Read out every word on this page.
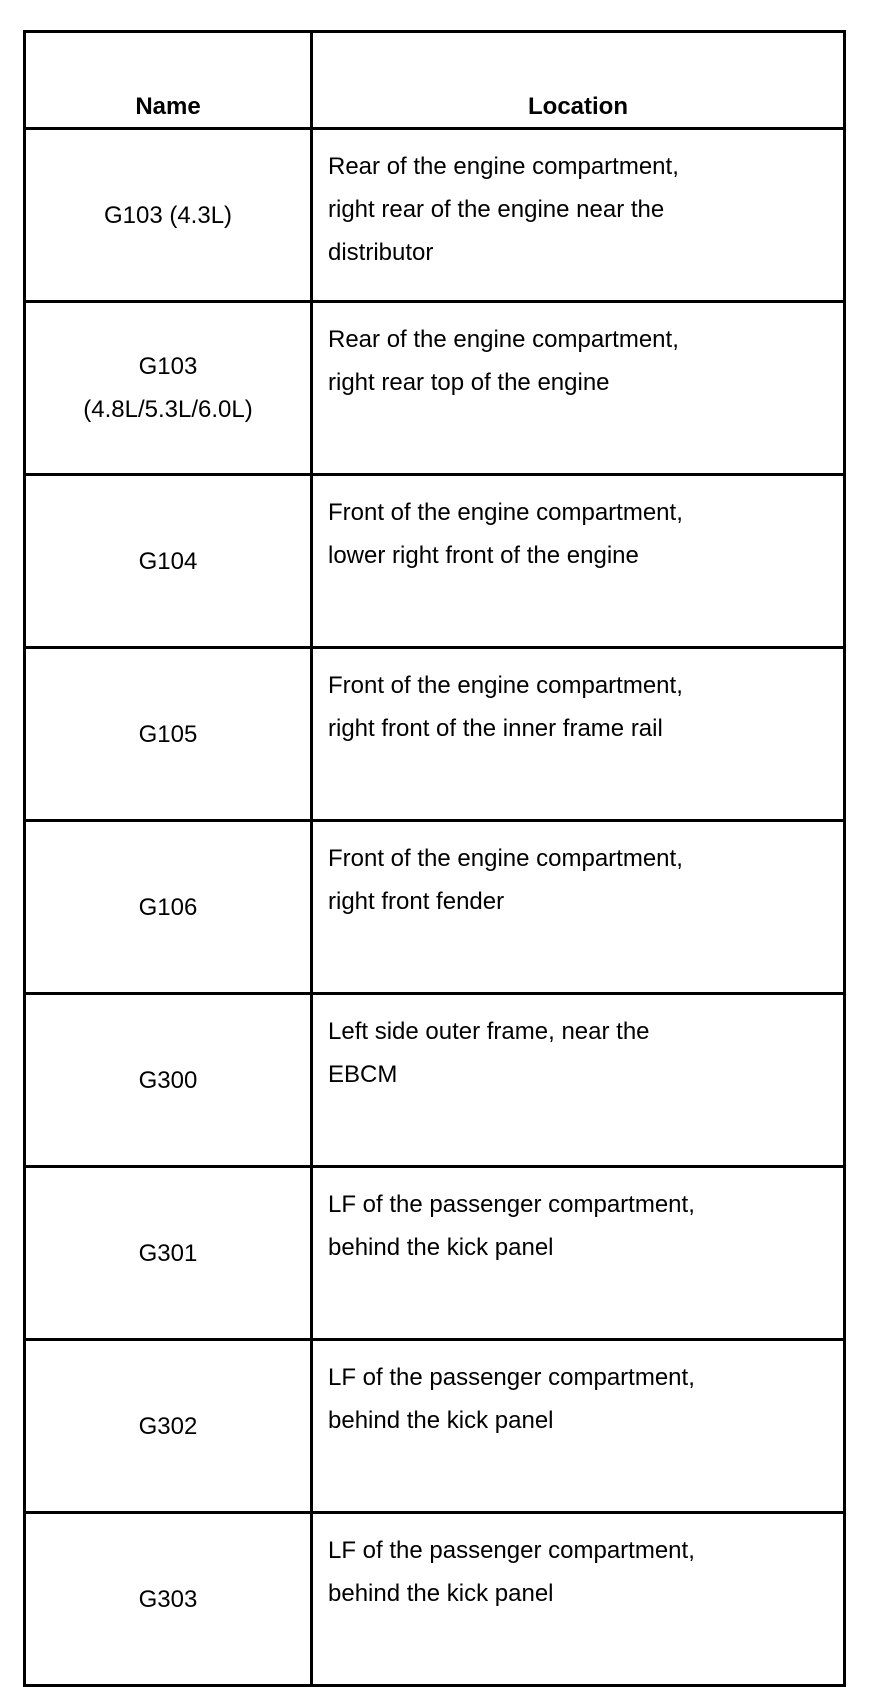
Name	Location

G103 (4.3L)	Rear of the engine compartment,
right rear of the engine near the
distributor

G103
(4.8L/5.3L/6.0L)	Rear of the engine compartment,
right rear top of the engine

G104	Front of the engine compartment,
lower right front of the engine

G105	Front of the engine compartment,
right front of the inner frame rail

G106	Front of the engine compartment,
right front fender

G300	Left side outer frame, near the
EBCM

G301	LF of the passenger compartment,
behind the kick panel

G302	LF of the passenger compartment,
behind the kick panel

G303	LF of the passenger compartment,
behind the kick panel
